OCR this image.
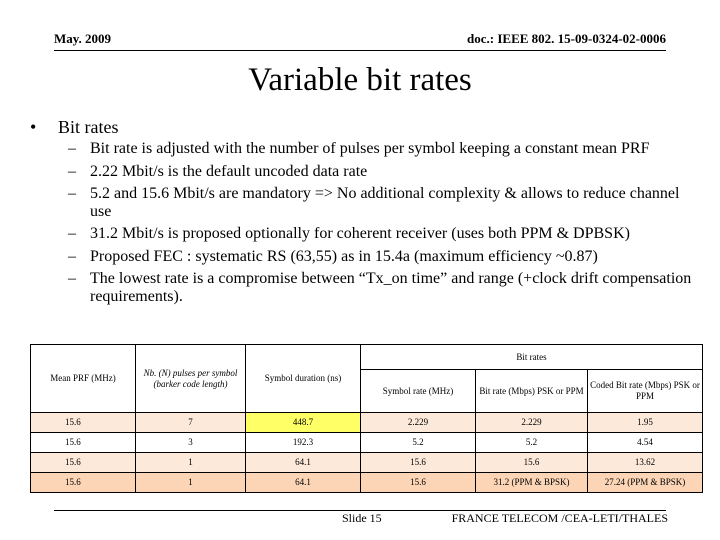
May. 2009	doc.: IEEE 802. 15-09-0324-02-0006
Variable bit rates
• Bit rates
– Bit rate is adjusted with the number of pulses per symbol keeping a constant mean PRF
– 2.22 Mbit/s is the default uncoded data rate
– 5.2 and 15.6 Mbit/s are mandatory => No additional complexity & allows to reduce channel use
– 31.2 Mbit/s is proposed optionally for coherent receiver (uses both PPM & DPBSK)
– Proposed FEC : systematic RS (63,55) as in 15.4a (maximum efficiency ~0.87)
– The lowest rate is a compromise between “Tx_on time” and range (+clock drift compensation requirements).
Mean PRF (MHz)	Nb. (N) pulses per symbol (barker code length)	Symbol duration (ns)	Bit rates		
			Symbol rate (MHz)	Bit rate (Mbps) PSK or PPM	Coded Bit rate (Mbps) PSK or PPM
15.6	7	448.7	2.229	2.229	1.95
15.6	3	192.3	5.2	5.2	4.54
15.6	1	64.1	15.6	15.6	13.62
15.6	1	64.1	15.6	31.2 (PPM & BPSK)	27.24 (PPM & BPSK)
Slide 15	FRANCE TELECOM /CEA-LETI/THALES
